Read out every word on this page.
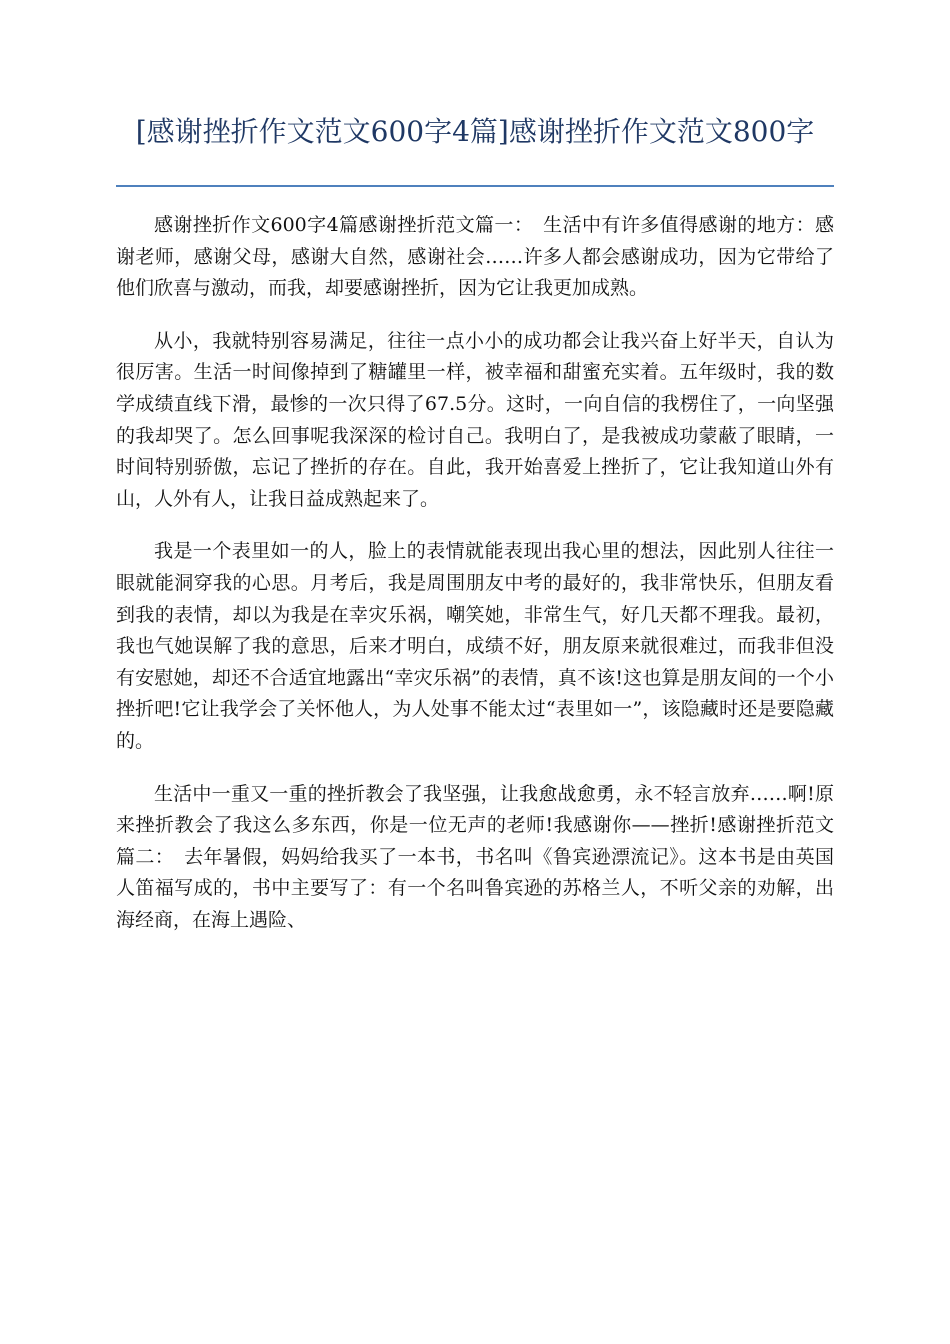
[感谢挫折作文范文600字4篇]感谢挫折作文范文800字

感谢挫折作文600字4篇感谢挫折范文篇一：　生活中有许多值得感谢的地方：感谢老师，感谢父母，感谢大自然，感谢社会……许多人都会感谢成功，因为它带给了他们欣喜与激动，而我，却要感谢挫折，因为它让我更加成熟。

从小，我就特别容易满足，往往一点小小的成功都会让我兴奋上好半天，自认为很厉害。生活一时间像掉到了糖罐里一样，被幸福和甜蜜充实着。五年级时，我的数学成绩直线下滑，最惨的一次只得了67.5分。这时，一向自信的我楞住了，一向坚强的我却哭了。怎么回事呢我深深的检讨自己。我明白了，是我被成功蒙蔽了眼睛，一时间特别骄傲，忘记了挫折的存在。自此，我开始喜爱上挫折了，它让我知道山外有山，人外有人，让我日益成熟起来了。

我是一个表里如一的人，脸上的表情就能表现出我心里的想法，因此别人往往一眼就能洞穿我的心思。月考后，我是周围朋友中考的最好的，我非常快乐，但朋友看到我的表情，却以为我是在幸灾乐祸，嘲笑她，非常生气，好几天都不理我。最初，我也气她误解了我的意思，后来才明白，成绩不好，朋友原来就很难过，而我非但没有安慰她，却还不合适宜地露出“幸灾乐祸”的表情，真不该!这也算是朋友间的一个小挫折吧!它让我学会了关怀他人，为人处事不能太过“表里如一”，该隐藏时还是要隐藏的。

生活中一重又一重的挫折教会了我坚强，让我愈战愈勇，永不轻言放弃……啊!原来挫折教会了我这么多东西，你是一位无声的老师!我感谢你——挫折!感谢挫折范文篇二：　去年暑假，妈妈给我买了一本书，书名叫《鲁宾逊漂流记》。这本书是由英国人笛福写成的，书中主要写了：有一个名叫鲁宾逊的苏格兰人，不听父亲的劝解，出海经商，在海上遇险、
